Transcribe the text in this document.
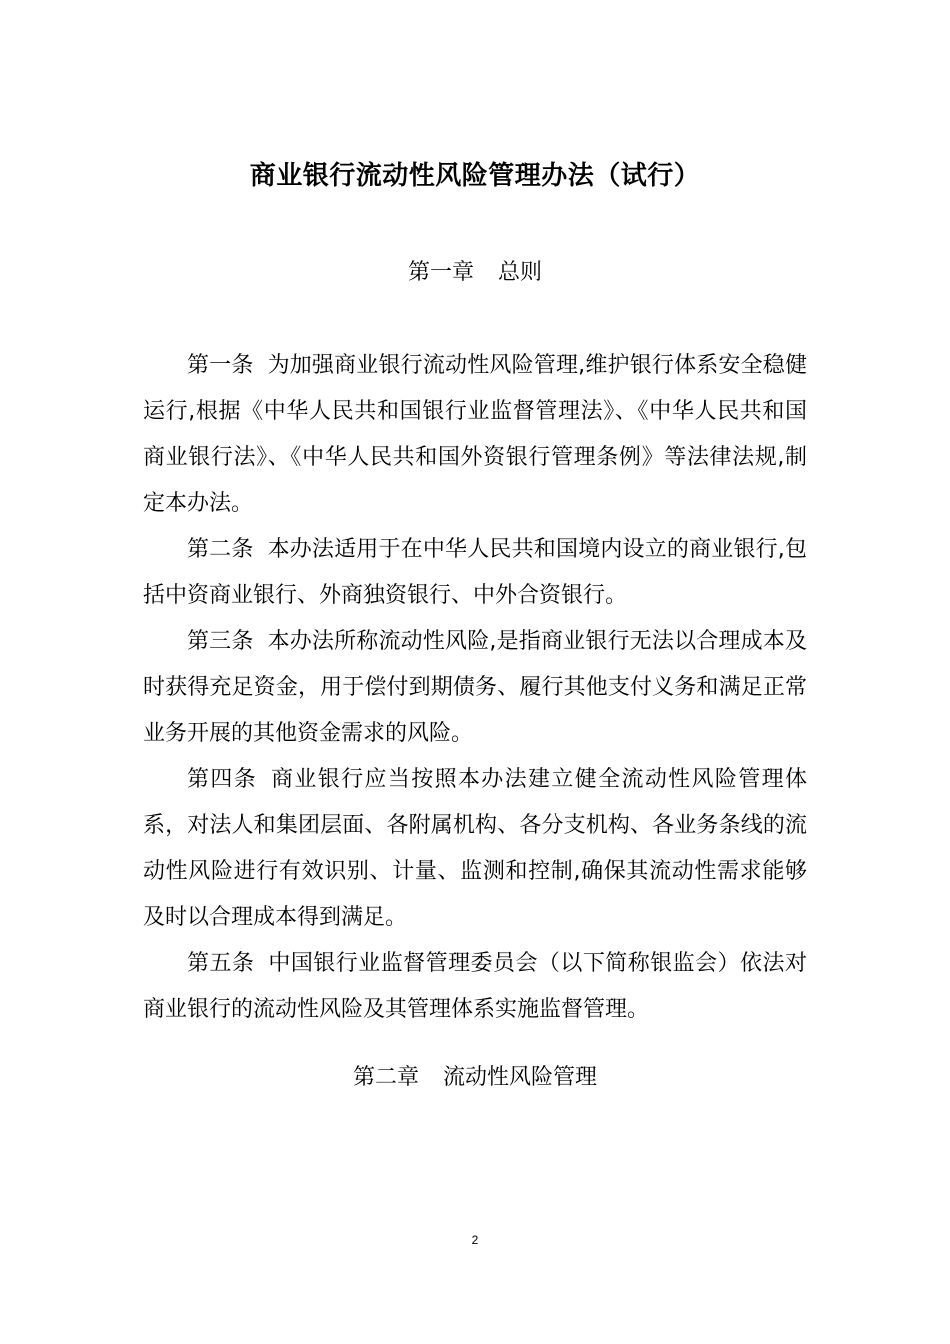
商业银行流动性风险管理办法（试行）
第一章 总则

第一条 为加强商业银行流动性风险管理,维护银行体系安全稳健运行,根据《中华人民共和国银行业监督管理法》、《中华人民共和国商业银行法》、《中华人民共和国外资银行管理条例》等法律法规,制定本办法。

第二条 本办法适用于在中华人民共和国境内设立的商业银行,包括中资商业银行、外商独资银行、中外合资银行。

第三条 本办法所称流动性风险,是指商业银行无法以合理成本及时获得充足资金，用于偿付到期债务、履行其他支付义务和满足正常业务开展的其他资金需求的风险。

第四条 商业银行应当按照本办法建立健全流动性风险管理体系，对法人和集团层面、各附属机构、各分支机构、各业务条线的流动性风险进行有效识别、计量、监测和控制,确保其流动性需求能够及时以合理成本得到满足。

第五条 中国银行业监督管理委员会（以下简称银监会）依法对商业银行的流动性风险及其管理体系实施监督管理。

第二章 流动性风险管理
2
